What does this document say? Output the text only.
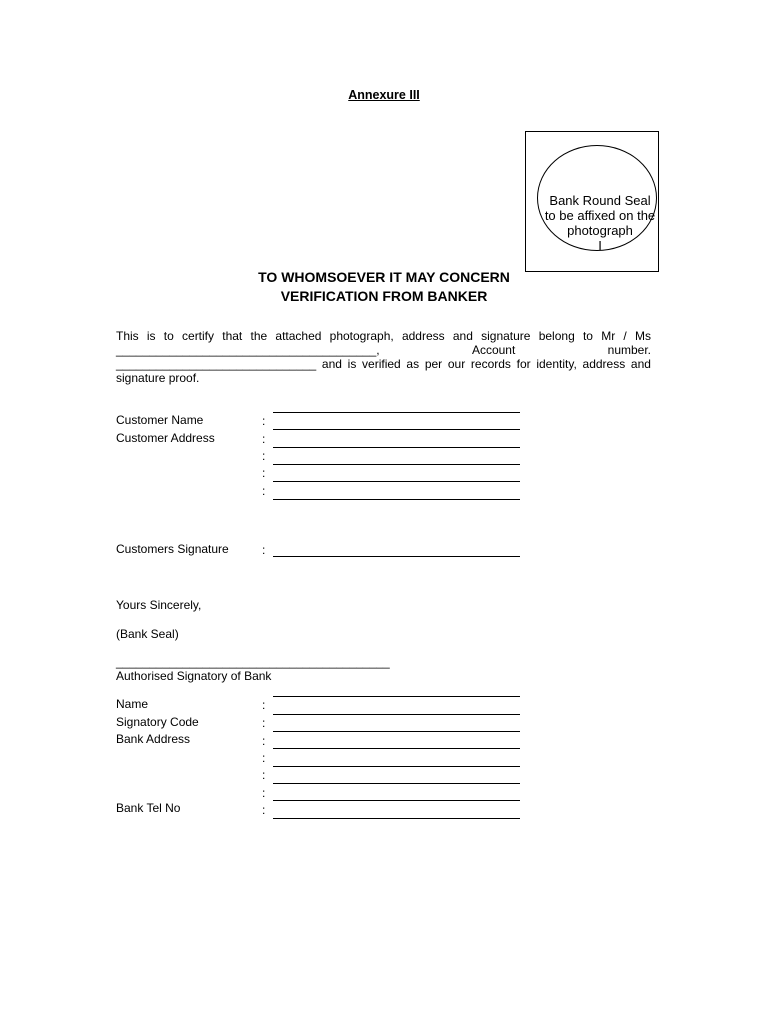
Annexure III
Bank Round Seal
to be affixed on the
photograph
I
TO WHOMSOEVER IT MAY CONCERN
VERIFICATION FROM BANKER
This is to certify that the attached photograph, address and signature belong to Mr / Ms
_______________________________________,	Account	number.
______________________________ and is verified as per our records for identity, address and
signature proof.
Customer Name	:
Customer Address	:
:
:
:
Customers Signature	:
Yours Sincerely,
(Bank Seal)
_________________________________________
Authorised Signatory of Bank
Name	:
Signatory Code	:
Bank Address	:
:
:
:
Bank Tel No	:
